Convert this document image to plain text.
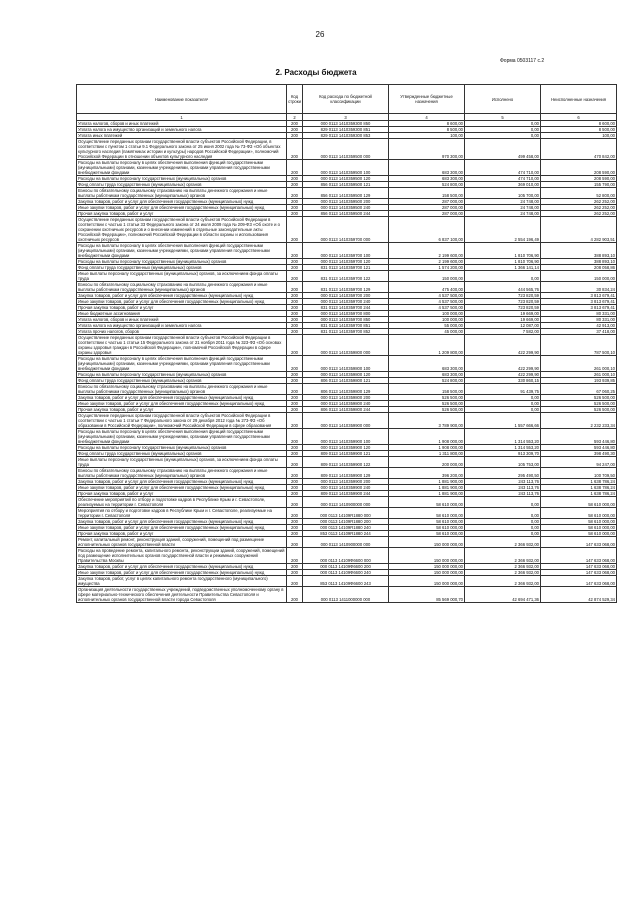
26
Форма 0503117 с.2
2. Расходы бюджета
Наименование показателя¹	Код строки	Код расхода по бюджетной классификации	Утвержденные бюджетные назначения	Исполнено	Неисполненные назначения
1	2	3	4	5	6
Уплата налогов, сборов и иных платежей	200	000 0113 1410359300 850	8 600,00	0,00	8 600,00
Уплата налога на имущество организаций и земельного налога	200	829 0113 1410359300 851	8 500,00	0,00	8 500,00
Уплата иных платежей	200	829 0113 1410359300 853	100,00	0,00	100,00
Осуществление переданных органам государственной власти субъектов Российской Федерации, в соответствии с пунктом 1 статьи 9.1 Федерального закона от 25 июня 2002 года № 73-ФЗ «Об объектах культурного наследия (памятниках истории и культуры) народов Российской Федерации», полномочий Российской Федерации в отношении объектов культурного наследия	200	000 0113 1410359500 000	970 300,00	499 458,00	470 842,00
Расходы на выплаты персоналу в целях обеспечения выполнения функций государственными (муниципальными) органами, казенными учреждениями, органами управления государственными внебюджетными фондами	200	000 0113 1410359500 100	683 300,00	474 710,00	208 590,00
Расходы на выплаты персоналу государственных (муниципальных) органов	200	000 0113 1410359500 120	683 300,00	474 710,00	208 590,00
Фонд оплаты труда государственных (муниципальных) органов	200	856 0113 1410359500 121	524 800,00	369 010,00	155 790,00
Взносы по обязательному социальному страхованию на выплаты денежного содержания и иные выплаты работникам государственных (муниципальных) органов	200	856 0113 1410359500 129	158 500,00	105 700,00	52 800,00
Закупка товаров, работ и услуг для обеспечения государственных (муниципальных) нужд	200	000 0113 1410359500 200	287 000,00	24 748,00	262 252,00
Иные закупки товаров, работ и услуг для обеспечения государственных (муниципальных) нужд	200	000 0113 1410359500 240	287 000,00	24 748,00	262 252,00
Прочая закупка товаров, работ и услуг	200	856 0113 1410359500 244	287 000,00	24 748,00	262 252,00
Осуществление переданных органам государственной власти субъектов Российской Федерации в соответствии с частью 1 статьи 33 Федерального закона от 24 июля 2009 года № 209-ФЗ «Об охоте и о сохранении охотничьих ресурсов и о внесении изменений в отдельные законодательные акты Российской Федерации», полномочий Российской Федерации в области охраны и использования охотничьих ресурсов	200	000 0113 1410359700 000	6 837 100,00	2 554 196,49	4 282 903,51
Расходы на выплаты персоналу в целях обеспечения выполнения функций государственными (муниципальными) органами, казенными учреждениями, органами управления государственными внебюджетными фондами	200	000 0113 1410359700 100	2 199 600,00	1 810 706,90	388 893,10
Расходы на выплаты персоналу государственных (муниципальных) органов	200	000 0113 1410359700 120	2 199 600,00	1 810 706,90	388 893,10
Фонд оплаты труда государственных (муниципальных) органов	200	831 0113 1410359700 121	1 574 200,00	1 366 141,14	208 058,86
Иные выплаты персоналу государственных (муниципальных) органов, за исключением фонда оплаты труда	200	831 0113 1410359700 122	150 000,00	0,00	150 000,00
Взносы по обязательному социальному страхованию на выплаты денежного содержания и иные выплаты работникам государственных (муниципальных) органов	200	831 0113 1410359700 129	475 400,00	444 565,76	30 834,24
Закупка товаров, работ и услуг для обеспечения государственных (муниципальных) нужд	200	000 0113 1410359700 200	4 537 500,00	723 820,59	3 813 679,41
Иные закупки товаров, работ и услуг для обеспечения государственных (муниципальных) нужд	200	000 0113 1410359700 240	4 537 500,00	723 820,59	3 813 679,41
Прочая закупка товаров, работ и услуг	200	831 0113 1410359700 244	4 537 500,00	723 820,59	3 813 679,41
Иные бюджетные ассигнования	200	000 0113 1410359700 800	100 000,00	19 669,00	80 331,00
Уплата налогов, сборов и иных платежей	200	000 0113 1410359700 850	100 000,00	19 669,00	80 331,00
Уплата налога на имущество организаций и земельного налога	200	831 0113 1410359700 851	55 000,00	12 087,00	42 913,00
Уплата прочих налогов, сборов	200	831 0113 1410359700 852	45 000,00	7 582,00	37 418,00
Осуществление переданных органам государственной власти субъектов Российской Федерации в соответствии с частью 1 статьи 15 Федерального закона от 21 ноября 2011 года № 323-ФЗ «Об основах охраны здоровья граждан в Российской Федерации», полномочий Российской Федерации в сфере охраны здоровья	200	000 0113 1410359800 000	1 209 800,00	422 299,90	787 500,10
Расходы на выплаты персоналу в целях обеспечения выполнения функций государственными (муниципальными) органами, казенными учреждениями, органами управления государственными внебюджетными фондами	200	000 0113 1410359800 100	683 300,00	422 299,90	261 000,10
Расходы на выплаты персоналу государственных (муниципальных) органов	200	000 0113 1410359800 120	683 300,00	422 299,90	261 000,10
Фонд оплаты труда государственных (муниципальных) органов	200	806 0113 1410359800 121	524 800,00	330 860,15	193 939,85
Взносы по обязательному социальному страхованию на выплаты денежного содержания и иные выплаты работникам государственных (муниципальных) органов	200	806 0113 1410359800 129	158 500,00	91 439,75	67 060,25
Закупка товаров, работ и услуг для обеспечения государственных (муниципальных) нужд	200	000 0113 1410359800 200	526 500,00	0,00	526 500,00
Иные закупки товаров, работ и услуг для обеспечения государственных (муниципальных) нужд	200	000 0113 1410359800 240	526 500,00	0,00	526 500,00
Прочая закупка товаров, работ и услуг	200	806 0113 1410359800 244	526 500,00	0,00	526 500,00
Осуществление переданных органам государственной власти субъектов Российской Федерации в соответствии с частью 1 статьи 7 Федерального закона от 29 декабря 2012 года № 273-ФЗ «Об образовании в Российской Федерации», полномочий Российской Федерации в сфере образования	200	000 0113 1410359900 000	3 789 900,00	1 557 666,66	2 232 233,34
Расходы на выплаты персоналу в целях обеспечения выполнения функций государственными (муниципальными) органами, казенными учреждениями, органами управления государственными внебюджетными фондами	200	000 0113 1410359900 100	1 908 000,00	1 314 553,20	593 446,80
Расходы на выплаты персоналу государственных (муниципальных) органов	200	000 0113 1410359900 120	1 908 000,00	1 314 553,20	593 446,80
Фонд оплаты труда государственных (муниципальных) органов	200	809 0113 1410359900 121	1 311 800,00	913 309,70	398 490,30
Иные выплаты персоналу государственных (муниципальных) органов, за исключением фонда оплаты труда	200	809 0113 1410359900 122	200 000,00	105 753,00	94 247,00
Взносы по обязательному социальному страхованию на выплаты денежного содержания и иные выплаты работникам государственных (муниципальных) органов	200	809 0113 1410359900 129	396 200,00	295 490,50	100 709,50
Закупка товаров, работ и услуг для обеспечения государственных (муниципальных) нужд	200	000 0113 1410359900 200	1 881 900,00	243 113,76	1 638 786,24
Иные закупки товаров, работ и услуг для обеспечения государственных (муниципальных) нужд	200	000 0113 1410359900 240	1 881 900,00	243 113,76	1 638 786,24
Прочая закупка товаров, работ и услуг	200	809 0113 1410359900 244	1 881 900,00	243 113,76	1 638 786,24
Обеспечение мероприятий по отбору и подготовке кадров в Республике Крым и г. Севастополе, реализуемых на территории г. Севастополя	200	000 0113 1410900000 000	58 610 000,00	0,00	58 610 000,00
Мероприятия по отбору и подготовке кадров в Республике Крым и г. Севастополе, реализуемые на территории г. Севастополя	200	000 0113 14109R1880 000	58 610 000,00	0,00	58 610 000,00
Закупка товаров, работ и услуг для обеспечения государственных (муниципальных) нужд	200	000 0113 14109R1880 200	58 610 000,00	0,00	58 610 000,00
Иные закупки товаров, работ и услуг для обеспечения государственных (муниципальных) нужд	200	000 0113 14109R1880 240	58 610 000,00	0,00	58 610 000,00
Прочая закупка товаров, работ и услуг	200	853 0113 14109R1880 244	58 610 000,00	0,00	58 610 000,00
Ремонт, капитальный ремонт, реконструкция зданий, сооружений, помещений под размещение исполнительных органов государственной власти	200	000 0113 1410900000 000	150 000 000,00	2 366 932,00	147 633 068,00
Расходы на проведение ремонта, капитального ремонта, реконструкции зданий, сооружений, помещений под размещение исполнительных органов государственной власти и режимных сооружений Правительства Москвы	200	000 0113 14109Ф6600 000	150 000 000,00	2 366 932,00	147 633 068,00
Закупка товаров, работ и услуг для обеспечения государственных (муниципальных) нужд	200	000 0113 14109Ф6600 200	150 000 000,00	2 366 932,00	147 633 068,00
Иные закупки товаров, работ и услуг для обеспечения государственных (муниципальных) нужд	200	000 0113 14109Ф6600 240	150 000 000,00	2 366 932,00	147 633 068,00
Закупка товаров, работ, услуг в целях капитального ремонта государственного (муниципального) имущества	200	853 0113 14109Ф6600 243	150 000 000,00	2 366 932,00	147 633 068,00
Организация деятельности государственных учреждений, подведомственных уполномоченному органу в сфере материально-технического обеспечения деятельности Правительства Севастополя и исполнительных органов государственной власти города Севастополя	200	000 0113 1411000000 000	85 569 000,70	42 694 471,36	42 874 529,34
